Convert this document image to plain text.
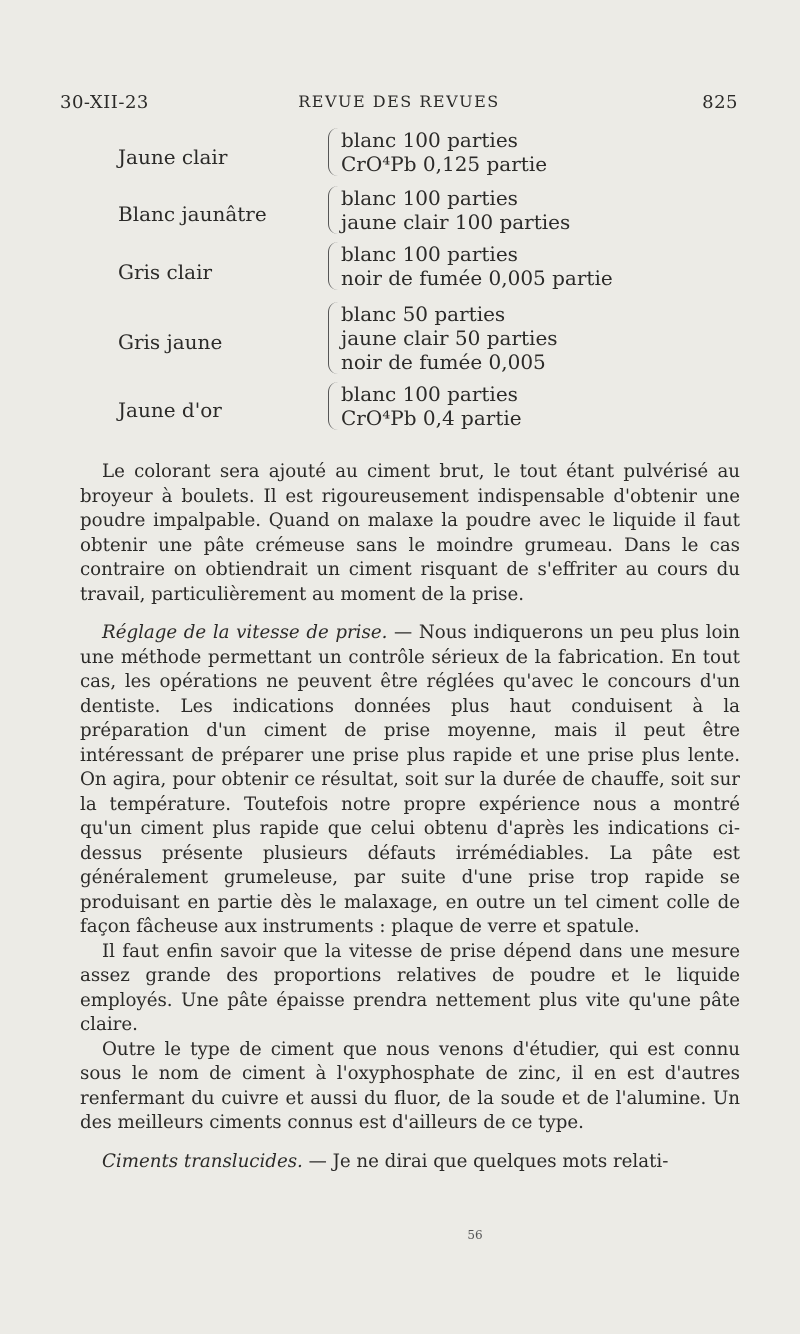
30-XII-23	REVUE DES REVUES	825
Jaune clair
blanc 100 parties
CrO⁴Pb 0,125 partie
Blanc jaunâtre
blanc 100 parties
jaune clair 100 parties
Gris clair
blanc 100 parties
noir de fumée 0,005 partie
Gris jaune
blanc 50 parties
jaune clair 50 parties
noir de fumée 0,005
Jaune d'or
blanc 100 parties
CrO⁴Pb 0,4 partie

Le colorant sera ajouté au ciment brut, le tout étant pulvérisé au broyeur à boulets. Il est rigoureusement indispensable d'obtenir une poudre impalpable. Quand on malaxe la poudre avec le liquide il faut obtenir une pâte crémeuse sans le moindre grumeau. Dans le cas contraire on obtiendrait un ciment risquant de s'effriter au cours du travail, particulièrement au moment de la prise.

Réglage de la vitesse de prise. — Nous indiquerons un peu plus loin une méthode permettant un contrôle sérieux de la fabrication. En tout cas, les opérations ne peuvent être réglées qu'avec le concours d'un dentiste. Les indications données plus haut conduisent à la préparation d'un ciment de prise moyenne, mais il peut être intéressant de préparer une prise plus rapide et une prise plus lente. On agira, pour obtenir ce résultat, soit sur la durée de chauffe, soit sur la température. Toutefois notre propre expérience nous a montré qu'un ciment plus rapide que celui obtenu d'après les indications ci-dessus présente plusieurs défauts irrémédiables. La pâte est généralement grumeleuse, par suite d'une prise trop rapide se produisant en partie dès le malaxage, en outre un tel ciment colle de façon fâcheuse aux instruments : plaque de verre et spatule.

Il faut enfin savoir que la vitesse de prise dépend dans une mesure assez grande des proportions relatives de poudre et le liquide employés. Une pâte épaisse prendra nettement plus vite qu'une pâte claire.

Outre le type de ciment que nous venons d'étudier, qui est connu sous le nom de ciment à l'oxyphosphate de zinc, il en est d'autres renfermant du cuivre et aussi du fluor, de la soude et de l'alumine. Un des meilleurs ciments connus est d'ailleurs de ce type.

Ciments translucides. — Je ne dirai que quelques mots relati-

56
